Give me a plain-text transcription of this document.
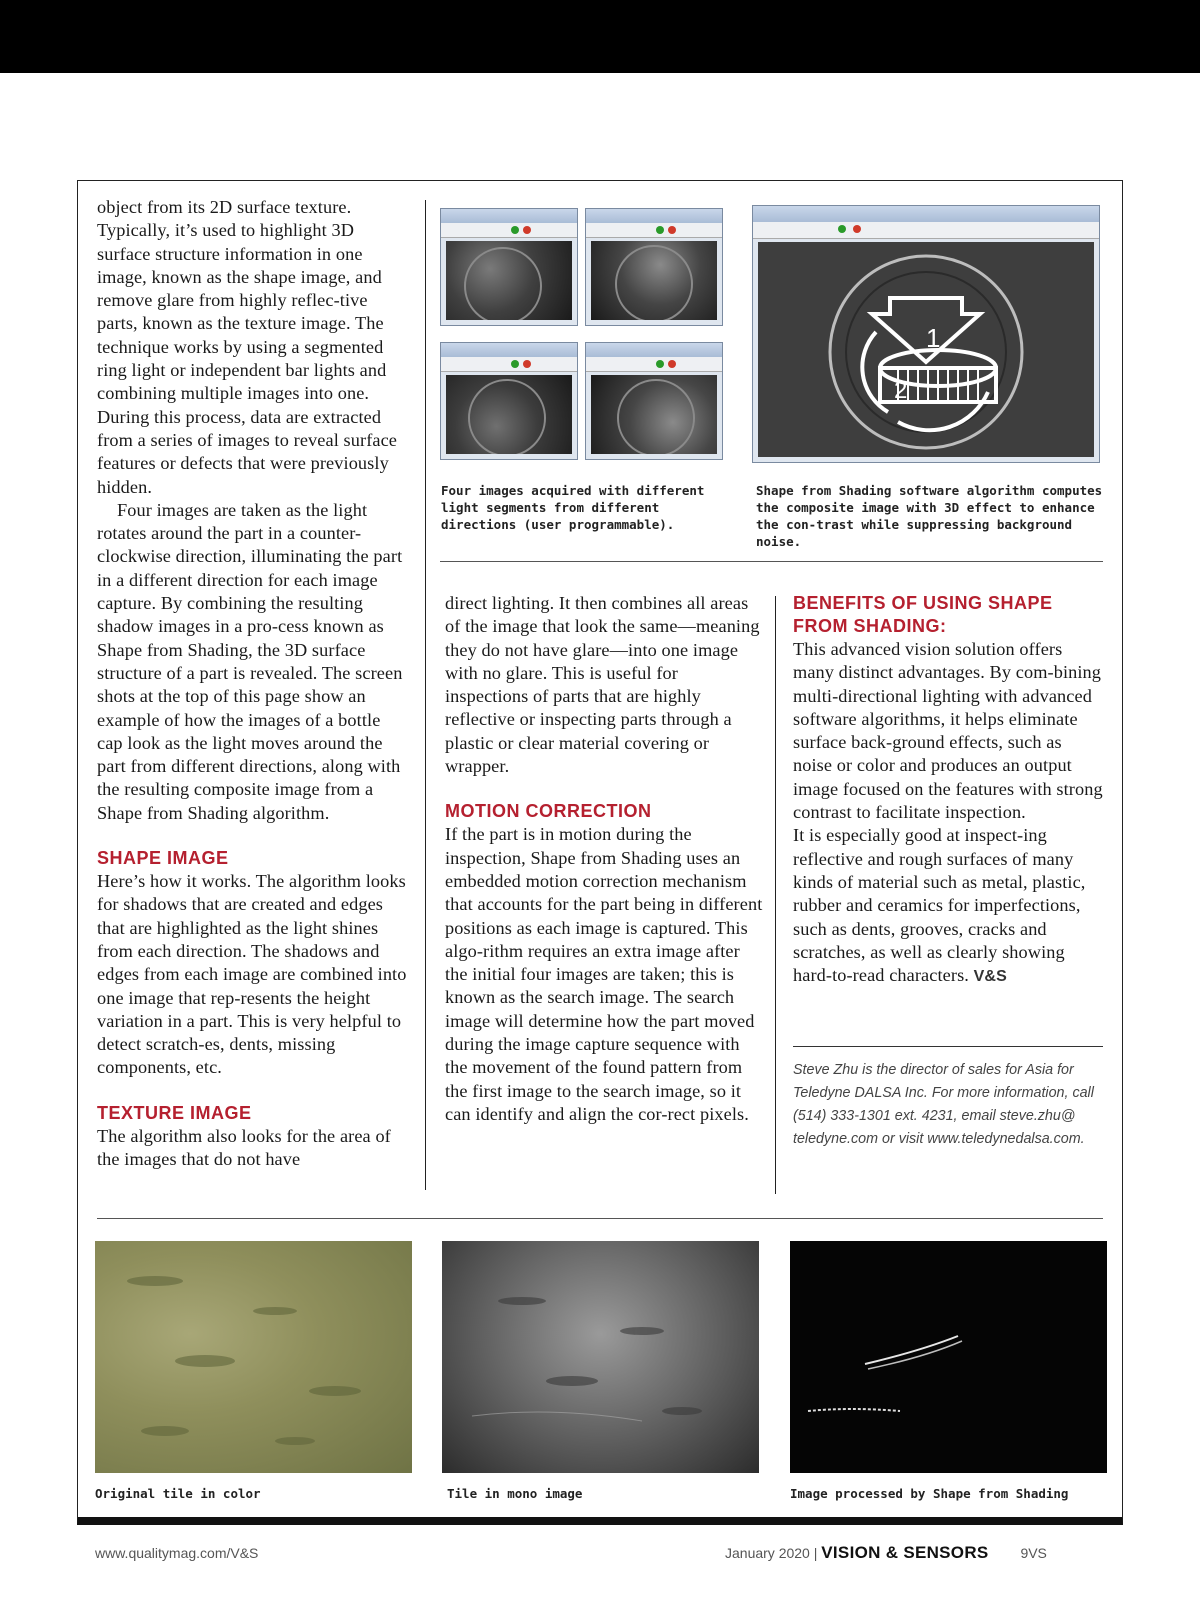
object from its 2D surface texture. Typically, it’s used to highlight 3D surface structure information in one image, known as the shape image, and remove glare from highly reflec-tive parts, known as the texture image. The technique works by using a segmented ring light or independent bar lights and combining multiple images into one. During this process, data are extracted from a series of images to reveal surface features or defects that were previously hidden.

Four images are taken as the light rotates around the part in a counter-clockwise direction, illuminating the part in a different direction for each image capture. By combining the resulting shadow images in a pro-cess known as Shape from Shading, the 3D surface structure of a part is revealed. The screen shots at the top of this page show an example of how the images of a bottle cap look as the light moves around the part from different directions, along with the resulting composite image from a Shape from Shading algorithm.

SHAPE IMAGE

Here’s how it works. The algorithm looks for shadows that are created and edges that are highlighted as the light shines from each direction. The shadows and edges from each image are combined into one image that rep-resents the height variation in a part. This is very helpful to detect scratch-es, dents, missing components, etc.

TEXTURE IMAGE

The algorithm also looks for the area of the images that do not have

1
2
Four images acquired with different light segments from different directions (user programmable).
Shape from Shading software algorithm computes the composite image with 3D effect to enhance the con-trast while suppressing background noise.

direct lighting. It then combines all areas of the image that look the same—meaning they do not have glare—into one image with no glare. This is useful for inspections of parts that are highly reflective or inspecting parts through a plastic or clear material covering or wrapper.

MOTION CORRECTION

If the part is in motion during the inspection, Shape from Shading uses an embedded motion correction mechanism that accounts for the part being in different positions as each image is captured. This algo-rithm requires an extra image after the initial four images are taken; this is known as the search image. The search image will determine how the part moved during the image capture sequence with the movement of the found pattern from the first image to the search image, so it can identify and align the cor-rect pixels.

BENEFITS OF USING SHAPE

FROM SHADING:

This advanced vision solution offers many distinct advantages. By com-bining multi-directional lighting with advanced software algorithms, it helps eliminate surface back-ground effects, such as noise or color and produces an output image focused on the features with strong contrast to facilitate inspection.

It is especially good at inspect-ing reflective and rough surfaces of many kinds of material such as metal, plastic, rubber and ceramics for imperfections, such as dents, grooves, cracks and scratches, as well as clearly showing hard-to-read characters. V&S

Steve Zhu is the director of sales for Asia for Teledyne DALSA Inc. For more information, call (514) 333-1301 ext. 4231, email steve.zhu@ teledyne.com or visit www.teledynedalsa.com.
Original tile in color	Tile in mono image	Image processed by Shape from Shading
www.qualitymag.com/V&S	January 2020 | VISION & SENSORS 9VS
